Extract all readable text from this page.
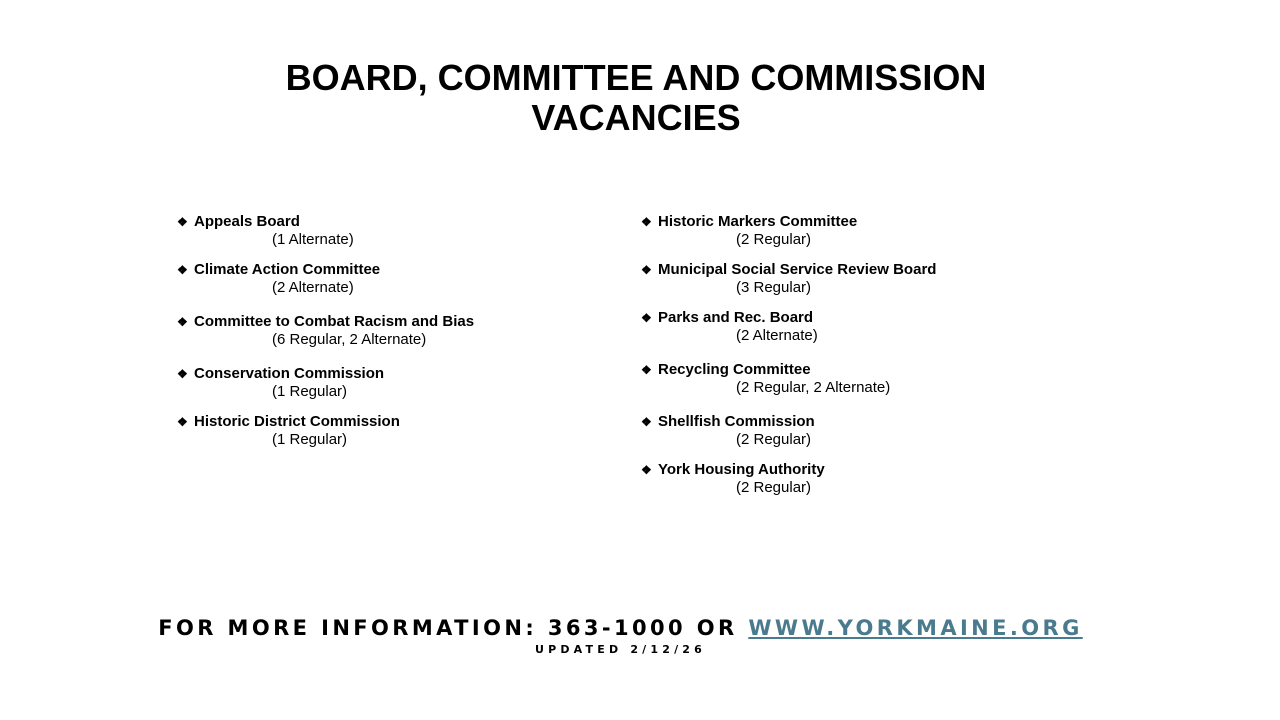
BOARD, COMMITTEE AND COMMISSION
VACANCIES
❖ Appeals Board
(1 Alternate)
❖ Climate Action Committee
(2 Alternate)
❖ Committee to Combat Racism and Bias
(6 Regular, 2 Alternate)
❖ Conservation Commission
(1 Regular)
❖ Historic District Commission
(1 Regular)
❖ Historic Markers Committee
(2 Regular)
❖ Municipal Social Service Review Board
(3 Regular)
❖ Parks and Rec. Board
(2 Alternate)
❖ Recycling Committee
(2 Regular, 2 Alternate)
❖ Shellfish Commission
(2 Regular)
❖ York Housing Authority
(2 Regular)
FOR MORE INFORMATION: 363-1000 OR WWW.YORKMAINE.ORG
UPDATED 2/12/26
